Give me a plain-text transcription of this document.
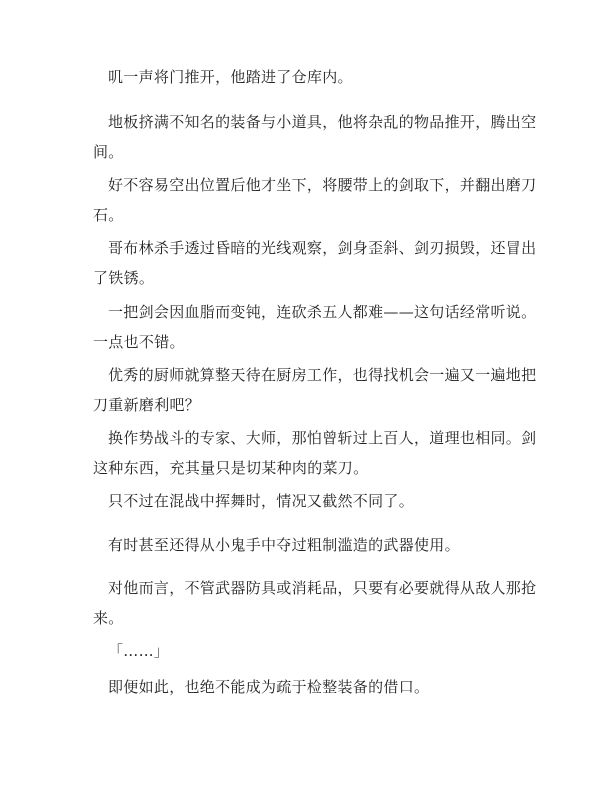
叽一声将门推开，他踏进了仓库内。

地板挤满不知名的装备与小道具，他将杂乱的物品推开，腾出空间。

好不容易空出位置后他才坐下，将腰带上的剑取下，并翻出磨刀石。

哥布林杀手透过昏暗的光线观察，剑身歪斜、剑刃损毁，还冒出了铁锈。

一把剑会因血脂而变钝，连砍杀五人都难——这句话经常听说。一点也不错。

优秀的厨师就算整天待在厨房工作，也得找机会一遍又一遍地把刀重新磨利吧？

换作势战斗的专家、大师，那怕曾斩过上百人，道理也相同。剑这种东西，充其量只是切某种肉的菜刀。

只不过在混战中挥舞时，情况又截然不同了。

有时甚至还得从小鬼手中夺过粗制滥造的武器使用。

对他而言，不管武器防具或消耗品，只要有必要就得从敌人那抢来。

「……」

即便如此，也绝不能成为疏于检整装备的借口。
